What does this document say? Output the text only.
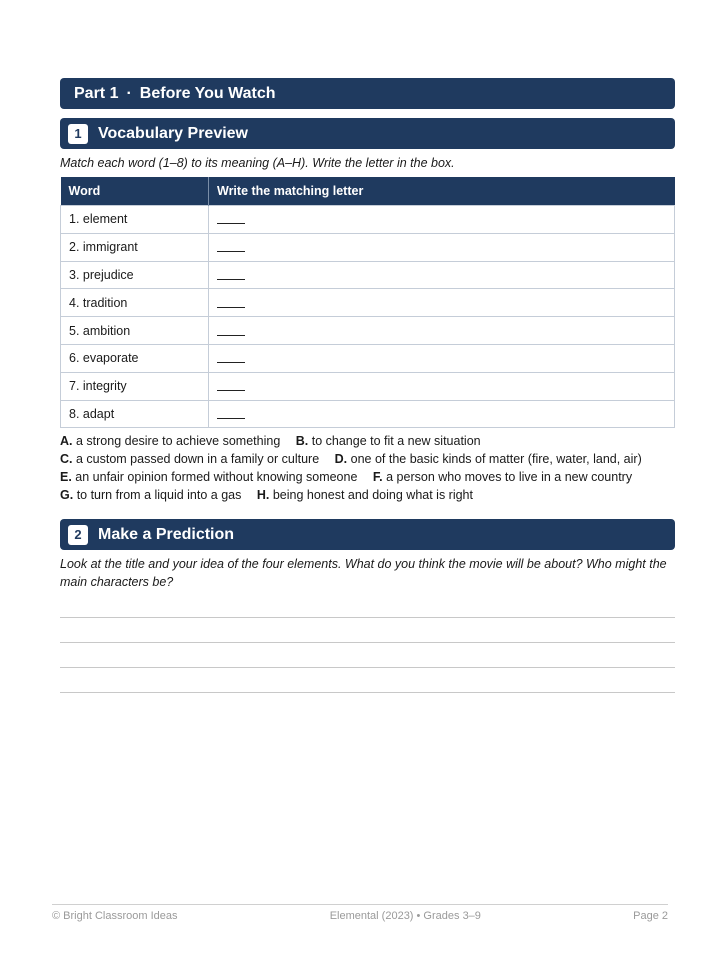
Part 1 · Before You Watch
1	Vocabulary Preview
Match each word (1–8) to its meaning (A–H). Write the letter in the box.
Word	Write the matching letter
1. element	
2. immigrant	
3. prejudice	
4. tradition	
5. ambition	
6. evaporate	
7. integrity	
8. adapt	
A. a strong desire to achieve something B. to change to fit a new situation
C. a custom passed down in a family or culture D. one of the basic kinds of matter (fire, water, land, air)
E. an unfair opinion formed without knowing someone F. a person who moves to live in a new country
G. to turn from a liquid into a gas H. being honest and doing what is right
2	Make a Prediction
Look at the title and your idea of the four elements. What do you think the movie will be about? Who might the main characters be?
© Bright Classroom Ideas	Elemental (2023) • Grades 3–9	Page 2
